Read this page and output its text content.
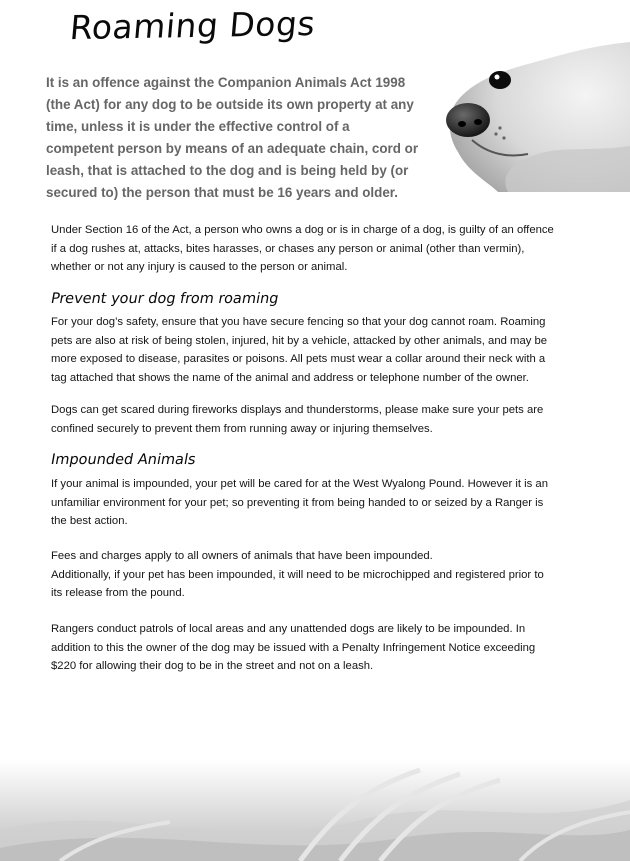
Roaming Dogs

It is an offence against the Companion Animals Act 1998
(the Act) for any dog to be outside its own property at any
time, unless it is under the effective control of a
competent person by means of an adequate chain, cord or
leash, that is attached to the dog and is being held by (or
secured to) the person that must be 16 years and older.

Under Section 16 of the Act, a person who owns a dog or is in charge of a dog, is guilty of an offence
if a dog rushes at, attacks, bites harasses, or chases any person or animal (other than vermin),
whether or not any injury is caused to the person or animal.

Prevent your dog from roaming

For your dog’s safety, ensure that you have secure fencing so that your dog cannot roam. Roaming
pets are also at risk of being stolen, injured, hit by a vehicle, attacked by other animals, and may be
more exposed to disease, parasites or poisons. All pets must wear a collar around their neck with a
tag attached that shows the name of the animal and address or telephone number of the owner.

Dogs can get scared during fireworks displays and thunderstorms, please make sure your pets are
confined securely to prevent them from running away or injuring themselves.

Impounded Animals

If your animal is impounded, your pet will be cared for at the West Wyalong Pound. However it is an
unfamiliar environment for your pet; so preventing it from being handed to or seized by a Ranger is
the best action.

Fees and charges apply to all owners of animals that have been impounded.
Additionally, if your pet has been impounded, it will need to be microchipped and registered prior to
its release from the pound.

Rangers conduct patrols of local areas and any unattended dogs are likely to be impounded. In
addition to this the owner of the dog may be issued with a Penalty Infringement Notice exceeding
$220 for allowing their dog to be in the street and not on a leash.
